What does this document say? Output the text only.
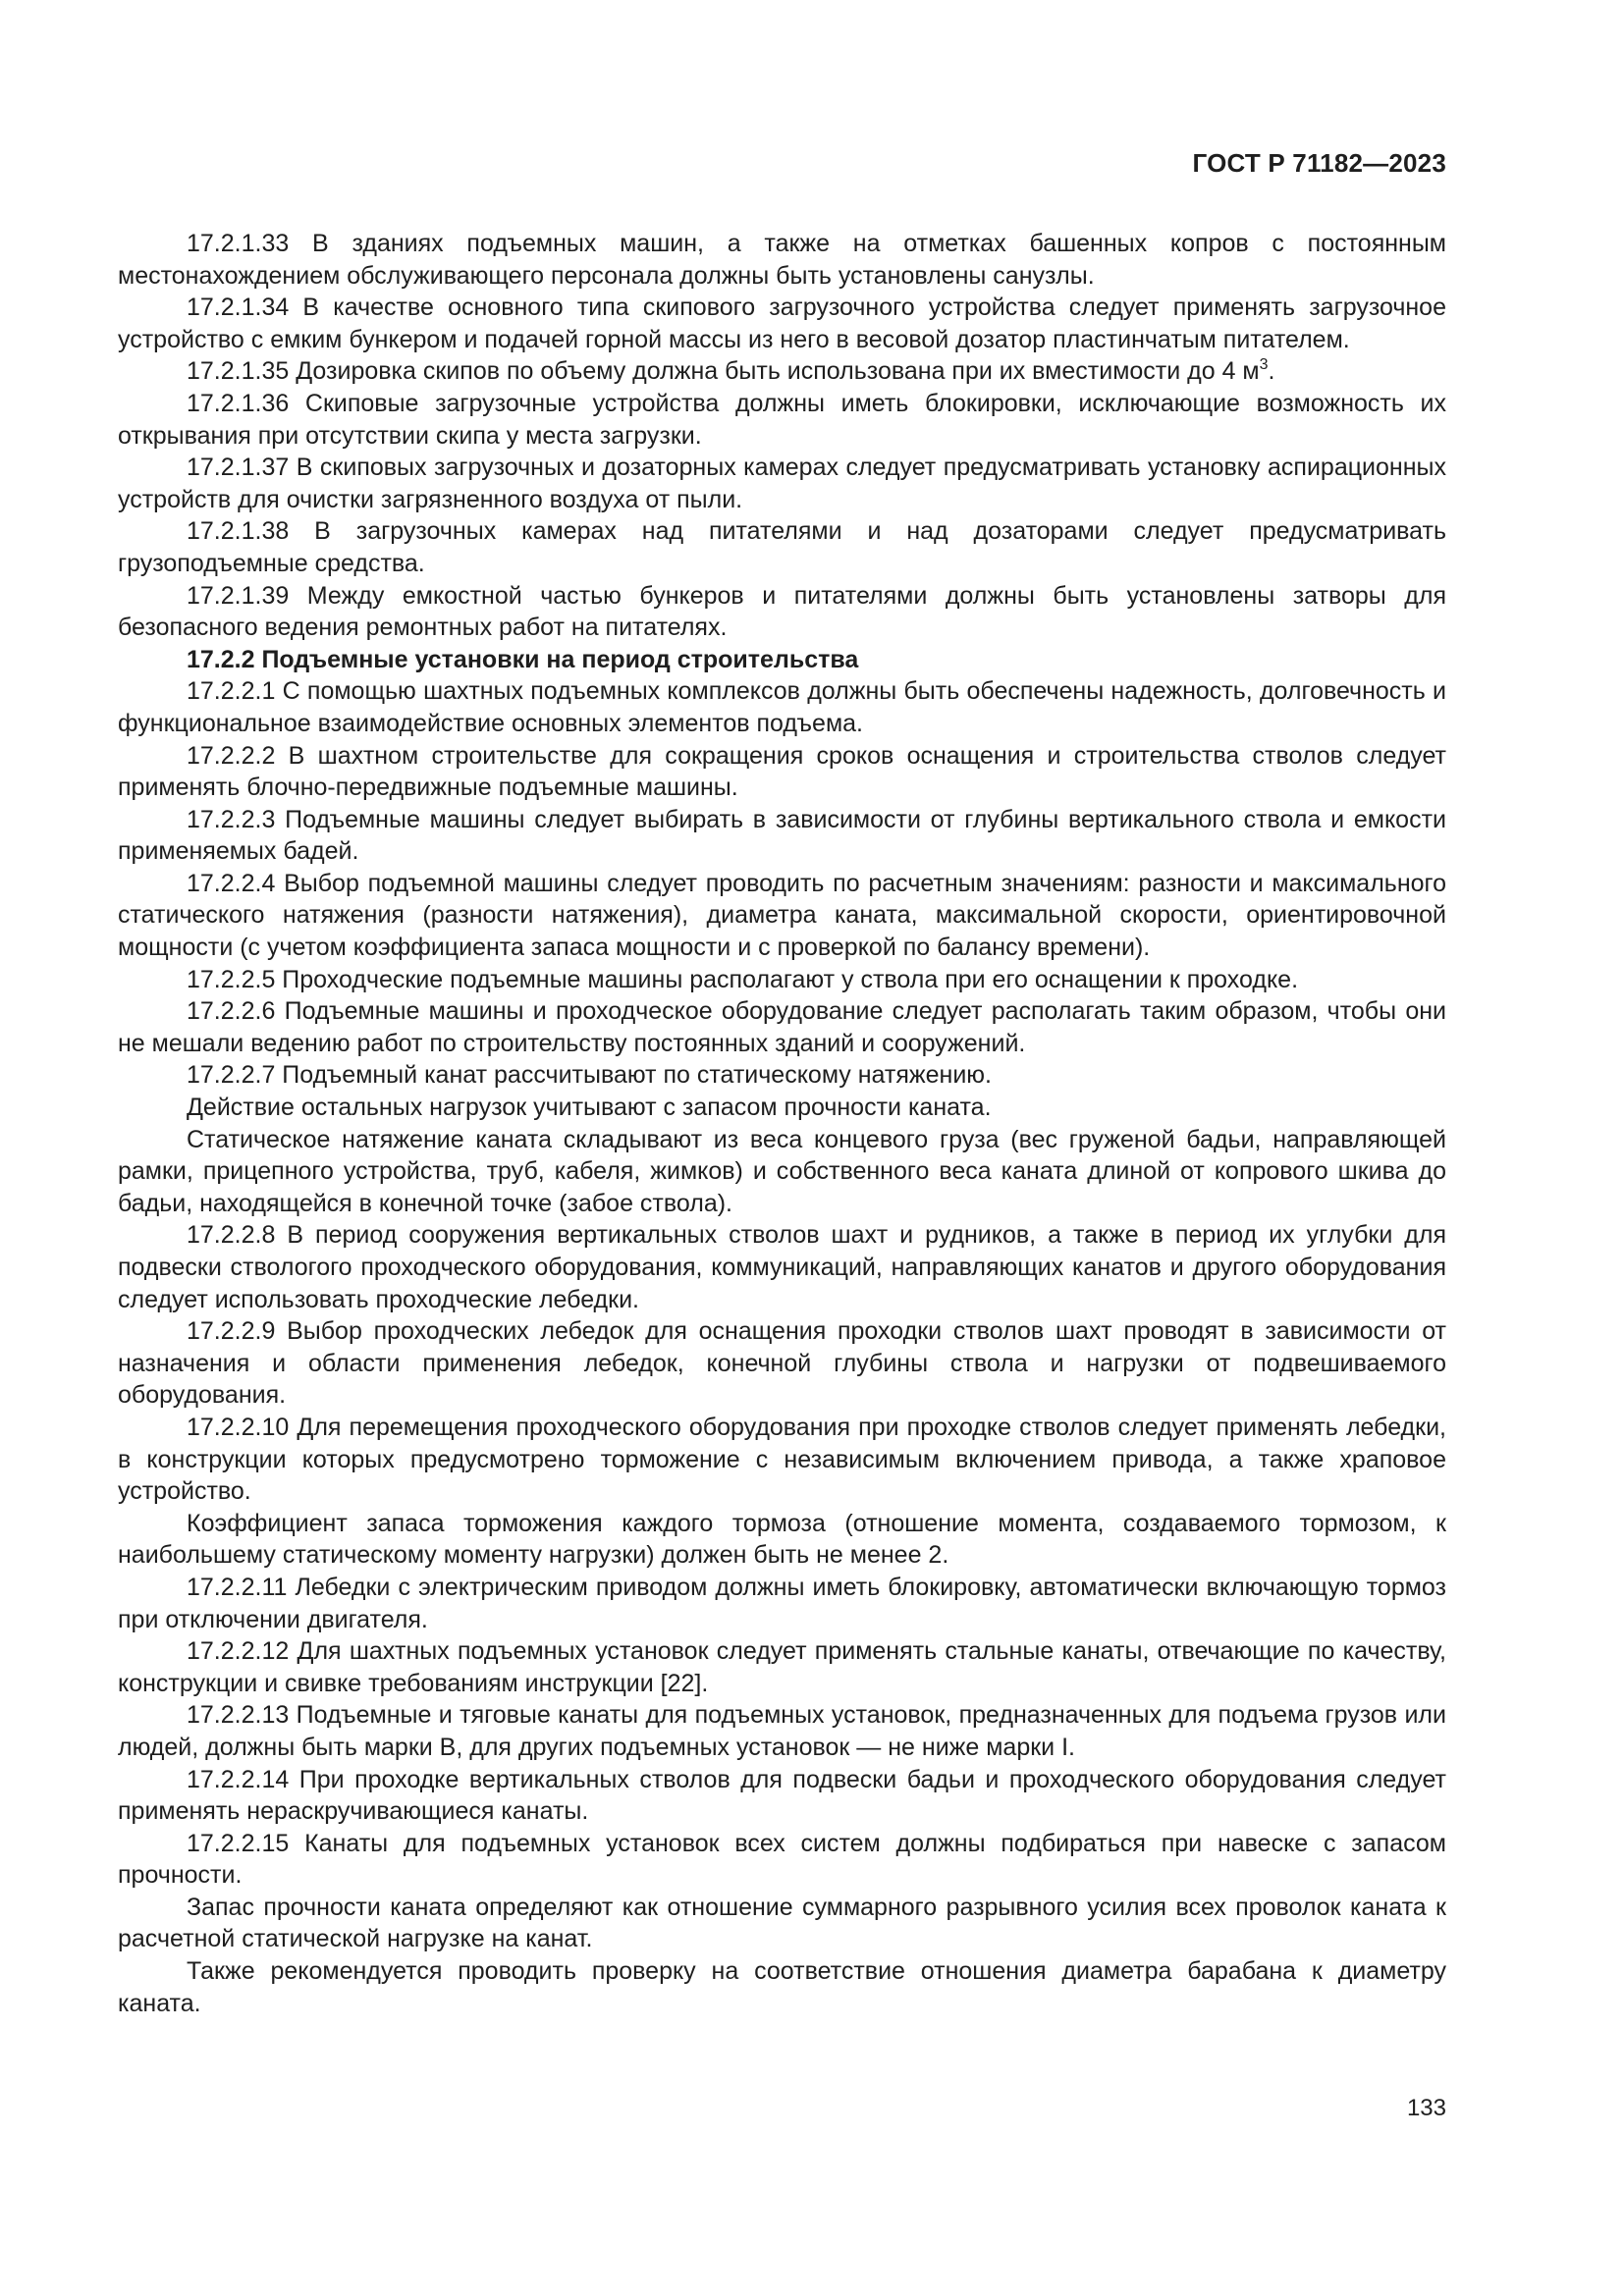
ГОСТ Р 71182—2023

17.2.1.33 В зданиях подъемных машин, а также на отметках башенных копров с постоянным местонахождением обслуживающего персонала должны быть установлены санузлы.

17.2.1.34 В качестве основного типа скипового загрузочного устройства следует применять загрузочное устройство с емким бункером и подачей горной массы из него в весовой дозатор пластинчатым питателем.

17.2.1.35 Дозировка скипов по объему должна быть использована при их вместимости до 4 $м^3$.

17.2.1.36 Скиповые загрузочные устройства должны иметь блокировки, исключающие возможность их открывания при отсутствии скипа у места загрузки.

17.2.1.37 В скиповых загрузочных и дозаторных камерах следует предусматривать установку аспирационных устройств для очистки загрязненного воздуха от пыли.

17.2.1.38 В загрузочных камерах над питателями и над дозаторами следует предусматривать грузоподъемные средства.

17.2.1.39 Между емкостной частью бункеров и питателями должны быть установлены затворы для безопасного ведения ремонтных работ на питателях.

17.2.2 Подъемные установки на период строительства

17.2.2.1 С помощью шахтных подъемных комплексов должны быть обеспечены надежность, долговечность и функциональное взаимодействие основных элементов подъема.

17.2.2.2 В шахтном строительстве для сокращения сроков оснащения и строительства стволов следует применять блочно-передвижные подъемные машины.

17.2.2.3 Подъемные машины следует выбирать в зависимости от глубины вертикального ствола и емкости применяемых бадей.

17.2.2.4 Выбор подъемной машины следует проводить по расчетным значениям: разности и максимального статического натяжения (разности натяжения), диаметра каната, максимальной скорости, ориентировочной мощности (с учетом коэффициента запаса мощности и с проверкой по балансу времени).

17.2.2.5 Проходческие подъемные машины располагают у ствола при его оснащении к проходке.

17.2.2.6 Подъемные машины и проходческое оборудование следует располагать таким образом, чтобы они не мешали ведению работ по строительству постоянных зданий и сооружений.

17.2.2.7 Подъемный канат рассчитывают по статическому натяжению.

Действие остальных нагрузок учитывают с запасом прочности каната.

Статическое натяжение каната складывают из веса концевого груза (вес груженой бадьи, направляющей рамки, прицепного устройства, труб, кабеля, жимков) и собственного веса каната длиной от копрового шкива до бадьи, находящейся в конечной точке (забое ствола).

17.2.2.8 В период сооружения вертикальных стволов шахт и рудников, а также в период их углубки для подвески ствологого проходческого оборудования, коммуникаций, направляющих канатов и другого оборудования следует использовать проходческие лебедки.

17.2.2.9 Выбор проходческих лебедок для оснащения проходки стволов шахт проводят в зависимости от назначения и области применения лебедок, конечной глубины ствола и нагрузки от подвешиваемого оборудования.

17.2.2.10 Для перемещения проходческого оборудования при проходке стволов следует применять лебедки, в конструкции которых предусмотрено торможение с независимым включением привода, а также храповое устройство.

Коэффициент запаса торможения каждого тормоза (отношение момента, создаваемого тормозом, к наибольшему статическому моменту нагрузки) должен быть не менее 2.

17.2.2.11 Лебедки с электрическим приводом должны иметь блокировку, автоматически включающую тормоз при отключении двигателя.

17.2.2.12 Для шахтных подъемных установок следует применять стальные канаты, отвечающие по качеству, конструкции и свивке требованиям инструкции [22].

17.2.2.13 Подъемные и тяговые канаты для подъемных установок, предназначенных для подъема грузов или людей, должны быть марки В, для других подъемных установок — не ниже марки I.

17.2.2.14 При проходке вертикальных стволов для подвески бадьи и проходческого оборудования следует применять нераскручивающиеся канаты.

17.2.2.15 Канаты для подъемных установок всех систем должны подбираться при навеске с запасом прочности.

Запас прочности каната определяют как отношение суммарного разрывного усилия всех проволок каната к расчетной статической нагрузке на канат.

Также рекомендуется проводить проверку на соответствие отношения диаметра барабана к диаметру каната.

133
